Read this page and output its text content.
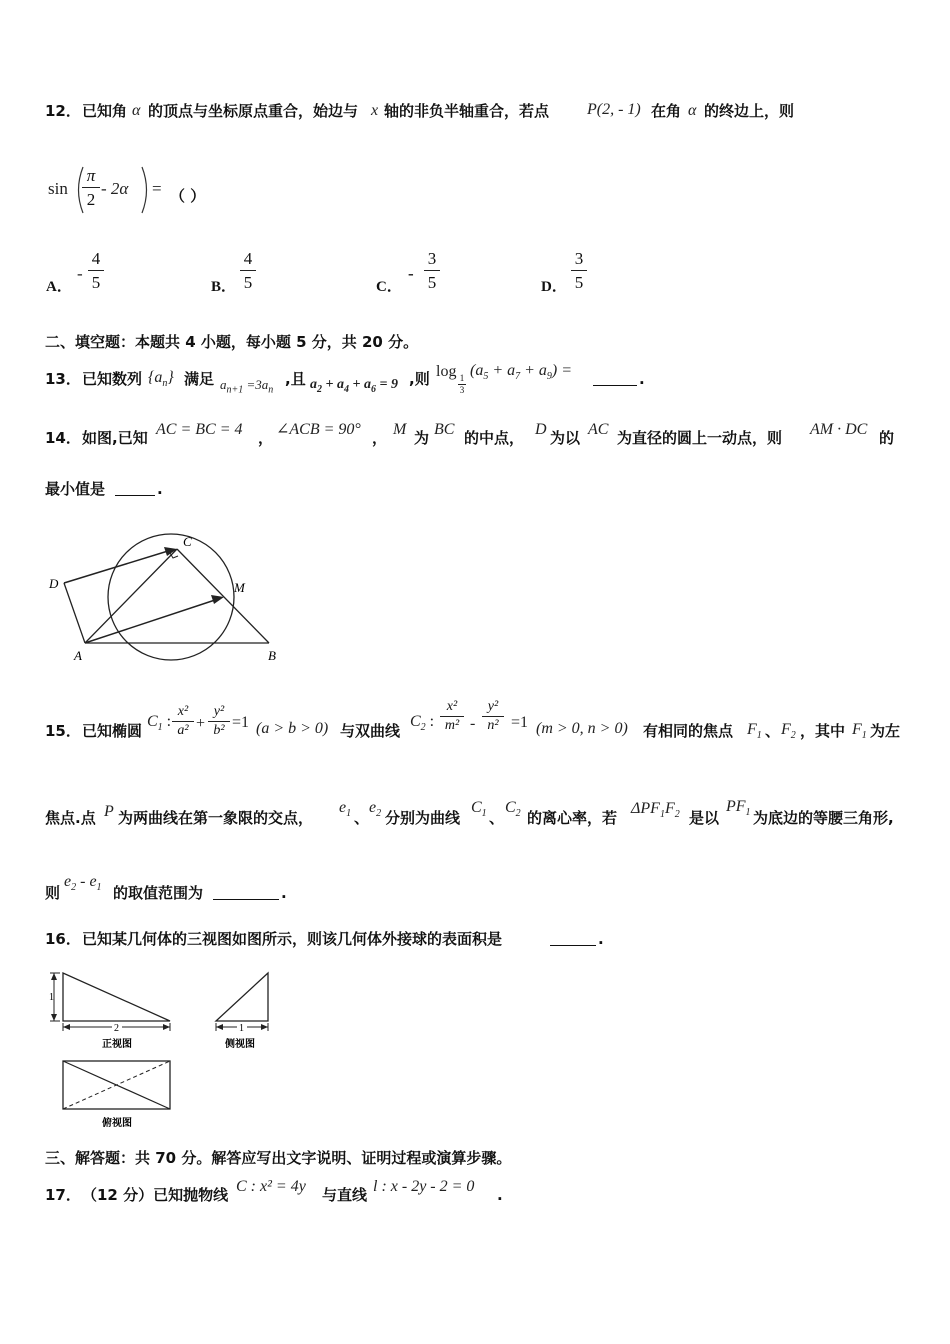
12． 已知角 α 的顶点与坐标原点重合，始边与 x 轴的非负半轴重合，若点 P(2, - 1) 在角 α 的终边上，则
sin
π
2
- 2α = （ ）
A．
-
4
5	B．
4
5	C．
-
3
5	D．
3
5
二、填空题：本题共 4 小题，每小题 5 分，共 20 分。
13． 已知数列 $\{a_n\}$ 满足 $a_{n+1} =3a_n$
,且 $a_2 + a_4 + a_6 = 9$ ,则 log 1
3
$(a_5 + a_7 + a_9)$ =	.
14． 如图,已知 AC = BC = 4 ， ∠ACB = 90° ， M 为 BC 的中点， D 为以 AC 为直径的圆上一动点，则 AM · DC 的
最小值是	.
C
D	M
A	B
15． 已知椭圆
$C_1$ :
x²
a² +
y²
b² =1 (a > b > 0) 与双曲线
$C_2$ :
x²
m² -
y²
n² =1 (m > 0, n > 0) 有相同的焦点 $F_1$ 、 $F_2$ ，其中 $F_1$ 为左
焦点.点 P 为两曲线在第一象限的交点，
$e_1$ 、
$e_2$ 分别为曲线
$C_1$ 、
$C_2$ 的离心率，若
$\Delta PF_1F_2$ 是以
$PF_1$ 为底边的等腰三角形,
则
$e_2 - e_1$ 的取值范围为	.
16． 已知某几何体的三视图如图所示，则该几何体外接球的表面积是	.
1
2
正视图
1
侧视图
俯视图
三、解答题：共 70 分。解答应写出文字说明、证明过程或演算步骤。
17． （12 分）已知抛物线 C : x² = 4y 与直线 l : x - 2y - 2 = 0 .
